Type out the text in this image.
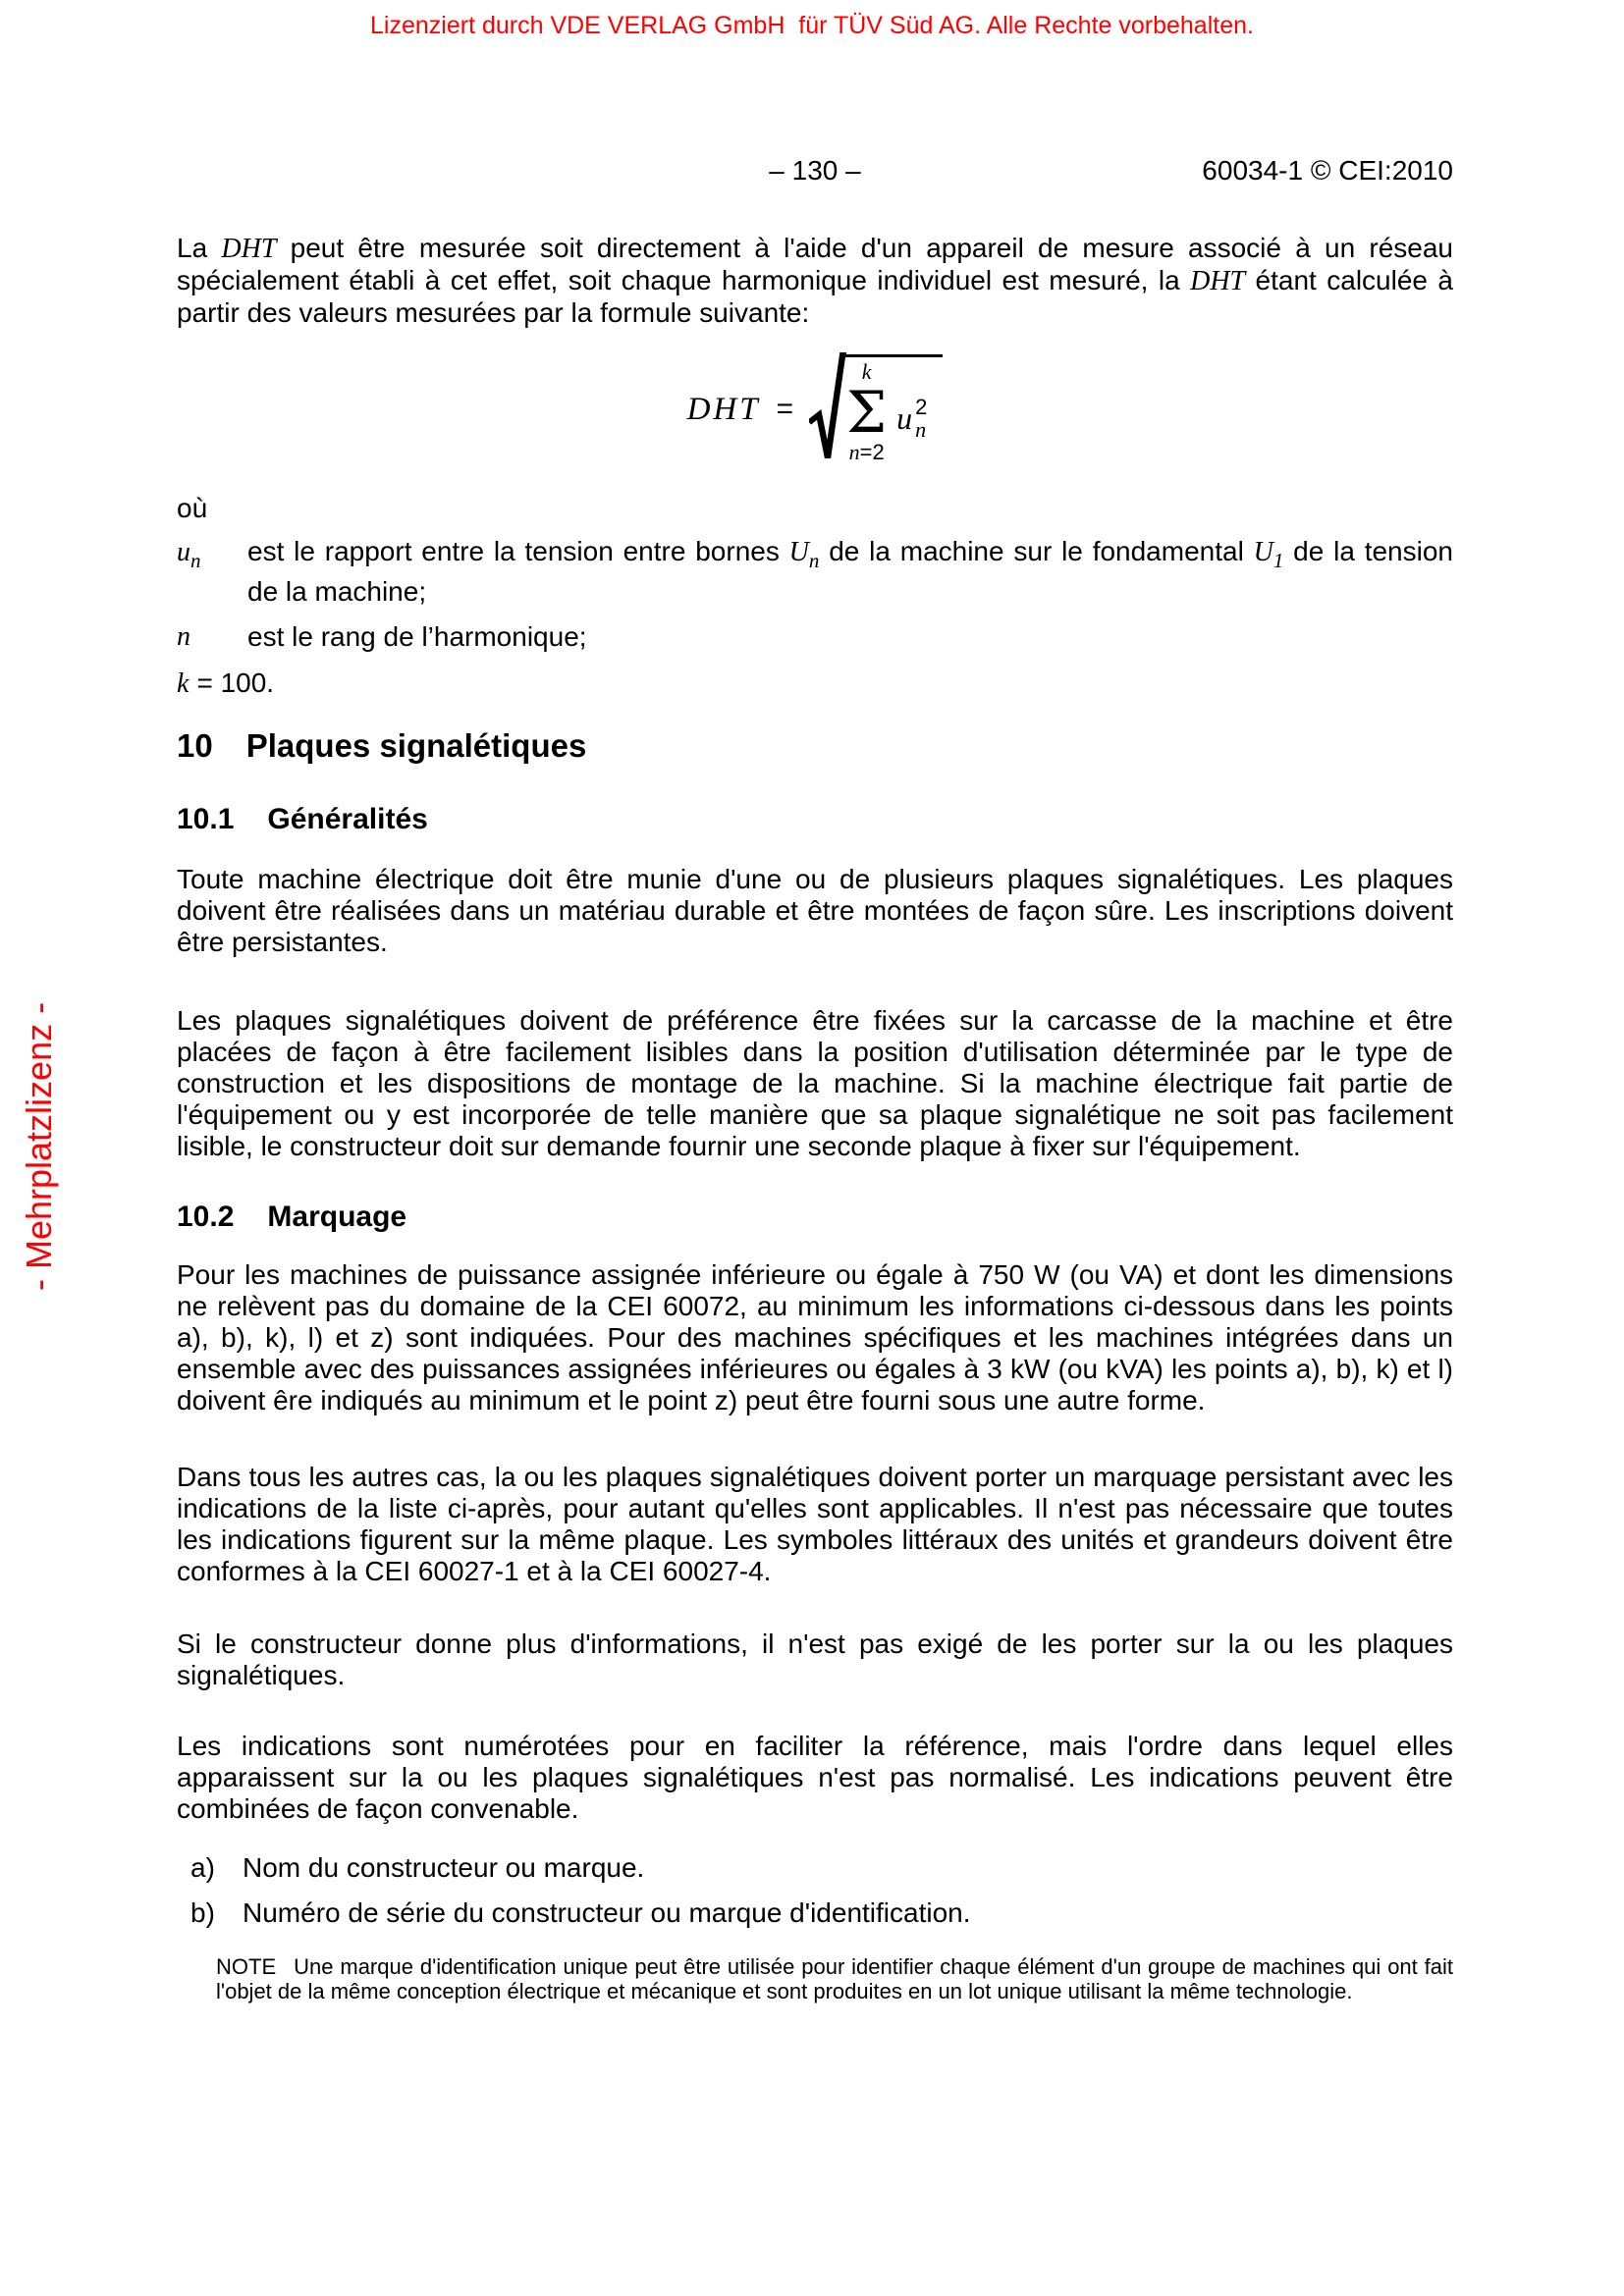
Lizenziert durch VDE VERLAG GmbH  für TÜV Süd AG. Alle Rechte vorbehalten.
- Mehrplatzlizenz -
– 130 –	60034-1 © CEI:2010

La DHT peut être mesurée soit directement à l'aide d'un appareil de mesure associé à un réseau spécialement établi à cet effet, soit chaque harmonique individuel est mesuré, la DHT étant calculée à partir des valeurs mesurées par la formule suivante:

DHT =
k
Σ
n=2
u 2
n

où

$u_n$	est le rapport entre la tension entre bornes $U_n$ de la machine sur le fondamental $U_1$ de la tension de la machine;
n	est le rang de l’harmonique;

k = 100.

10 Plaques signalétiques
10.1 Généralités

Toute machine électrique doit être munie d'une ou de plusieurs plaques signalétiques. Les plaques doivent être réalisées dans un matériau durable et être montées de façon sûre. Les inscriptions doivent être persistantes.

Les plaques signalétiques doivent de préférence être fixées sur la carcasse de la machine et être placées de façon à être facilement lisibles dans la position d'utilisation déterminée par le type de construction et les dispositions de montage de la machine. Si la machine électrique fait partie de l'équipement ou y est incorporée de telle manière que sa plaque signalétique ne soit pas facilement lisible, le constructeur doit sur demande fournir une seconde plaque à fixer sur l'équipement.

10.2 Marquage

Pour les machines de puissance assignée inférieure ou égale à 750 W (ou VA) et dont les dimensions ne relèvent pas du domaine de la CEI 60072, au minimum les informations ci-dessous dans les points a), b), k), l) et z) sont indiquées. Pour des machines spécifiques et les machines intégrées dans un ensemble avec des puissances assignées inférieures ou égales à 3 kW (ou kVA) les points a), b), k) et l) doivent êre indiqués au minimum et le point z) peut être fourni sous une autre forme.

Dans tous les autres cas, la ou les plaques signalétiques doivent porter un marquage persistant avec les indications de la liste ci-après, pour autant qu'elles sont applicables. Il n'est pas nécessaire que toutes les indications figurent sur la même plaque. Les symboles littéraux des unités et grandeurs doivent être conformes à la CEI 60027-1 et à la CEI 60027-4.

Si le constructeur donne plus d'informations, il n'est pas exigé de les porter sur la ou les plaques signalétiques.

Les indications sont numérotées pour en faciliter la référence, mais l'ordre dans lequel elles apparaissent sur la ou les plaques signalétiques n'est pas normalisé. Les indications peuvent être combinées de façon convenable.

a)	Nom du constructeur ou marque.
b)	Numéro de série du constructeur ou marque d'identification.

NOTE Une marque d'identification unique peut être utilisée pour identifier chaque élément d'un groupe de machines qui ont fait l'objet de la même conception électrique et mécanique et sont produites en un lot unique utilisant la même technologie.
